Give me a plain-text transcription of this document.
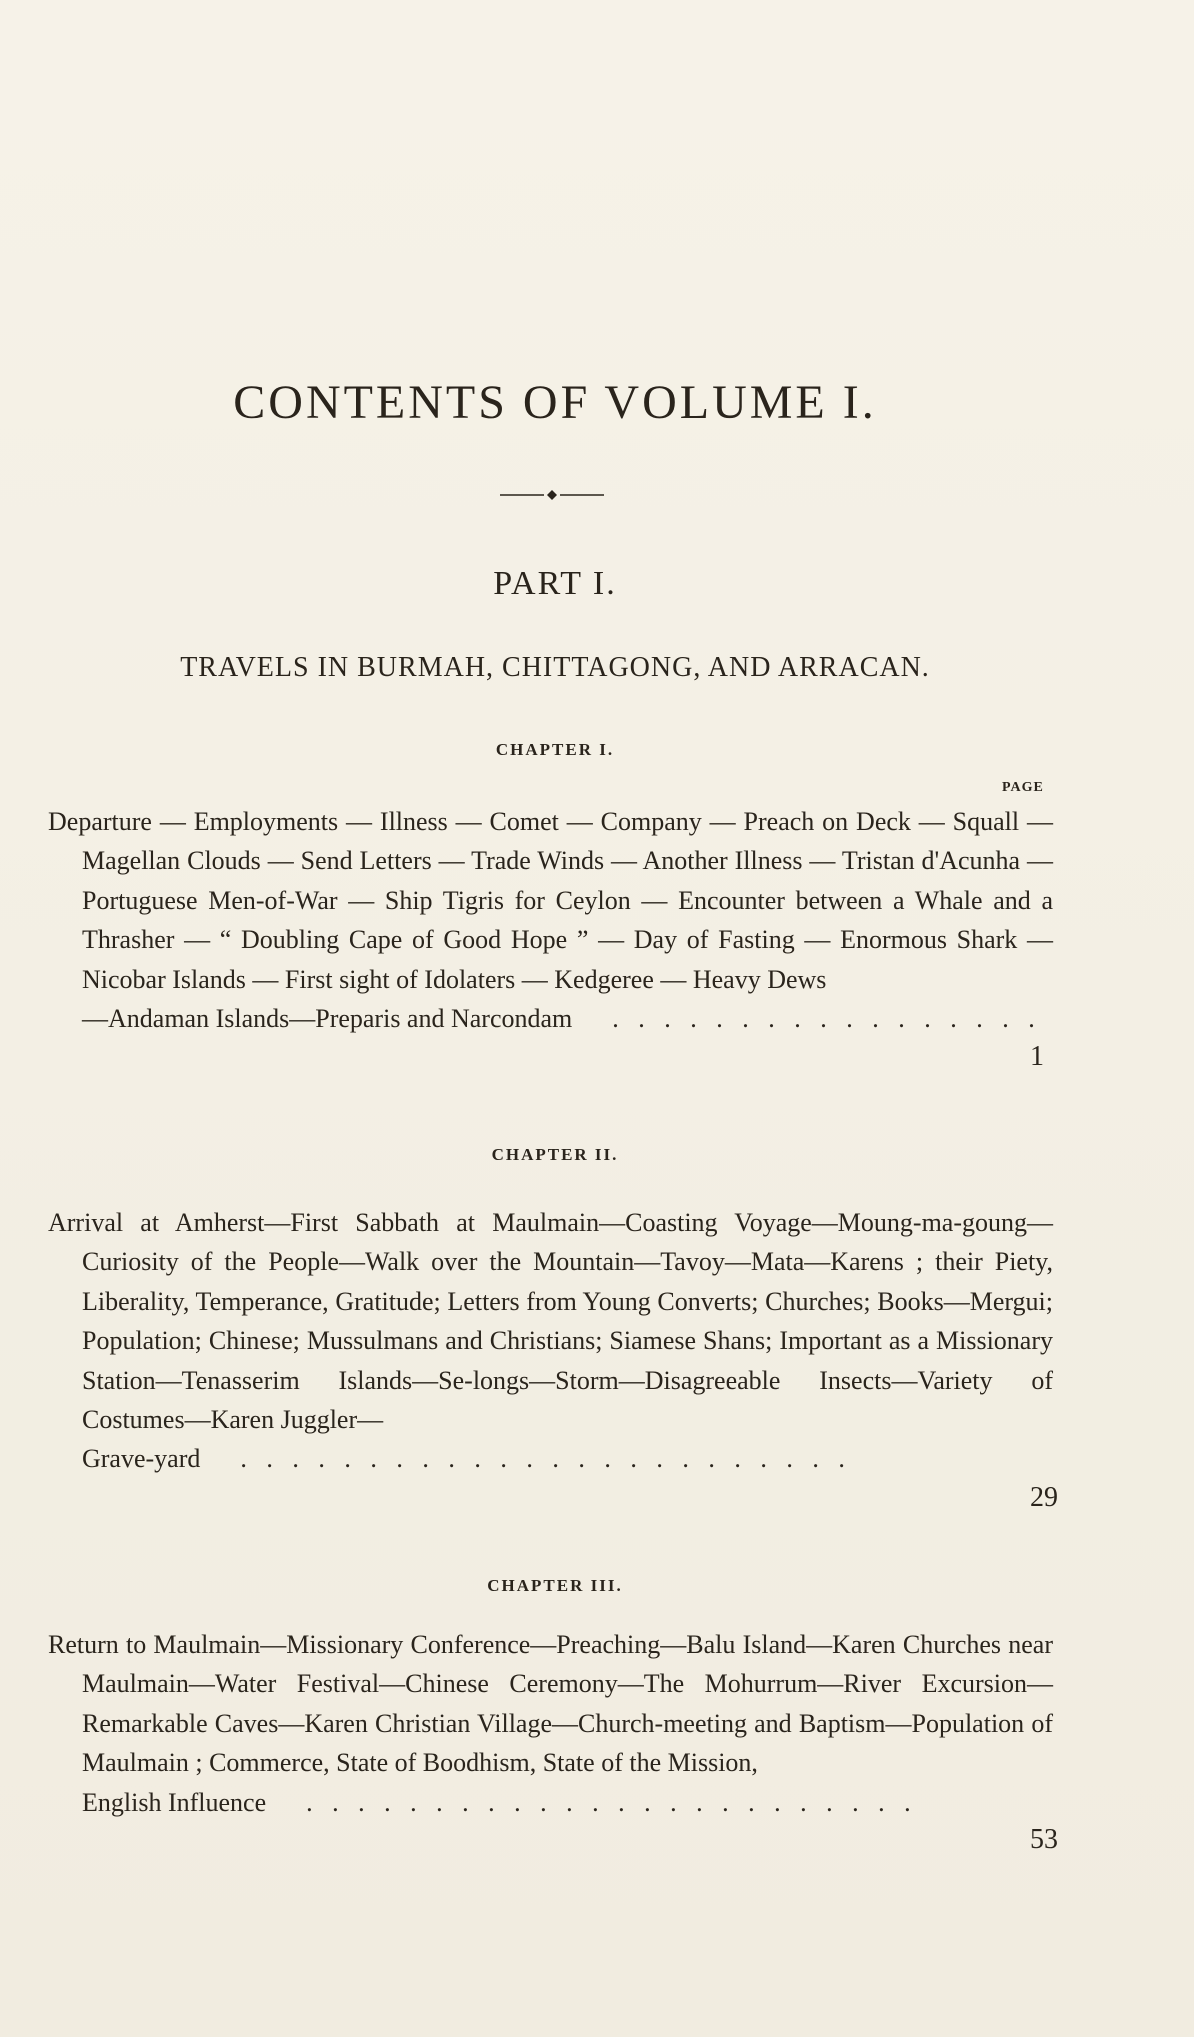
CONTENTS OF VOLUME I.
PART I.
TRAVELS IN BURMAH, CHITTAGONG, AND ARRACAN.
CHAPTER I.
PAGE
Departure — Employments — Illness — Comet — Company — Preach on Deck — Squall — Magellan Clouds — Send Letters — Trade Winds — Another Illness — Tristan d'Acunha — Portuguese Men-of-War — Ship Tigris for Ceylon — Encounter between a Whale and a Thrasher — “ Doubling Cape of Good Hope ” — Day of Fasting — Enormous Shark — Nicobar Islands — First sight of Idolaters — Kedgeree — Heavy Dews
—Andaman Islands—Preparis and Narcondam
. .
1
CHAPTER II.
Arrival at Amherst—First Sabbath at Maulmain—Coasting Voyage—Moung-ma-goung—Curiosity of the People—Walk over the Mountain—Tavoy—Mata—Karens ; their Piety, Liberality, Temperance, Gratitude; Letters from Young Converts; Churches; Books—Mergui; Population; Chinese; Mussulmans and Christians; Siamese Shans; Important as a Missionary Station—Tenasserim Islands—Se-longs—Storm—Disagreeable Insects—Variety of Costumes—Karen Juggler—
Grave-yard
. .
29
CHAPTER III.
Return to Maulmain—Missionary Conference—Preaching—Balu Island—Karen Churches near Maulmain—Water Festival—Chinese Ceremony—The Mohurrum—River Excursion—Remarkable Caves—Karen Christian Village—Church-meeting and Baptism—Population of Maulmain ; Commerce, State of Boodhism, State of the Mission,
English Influence
. .
53
